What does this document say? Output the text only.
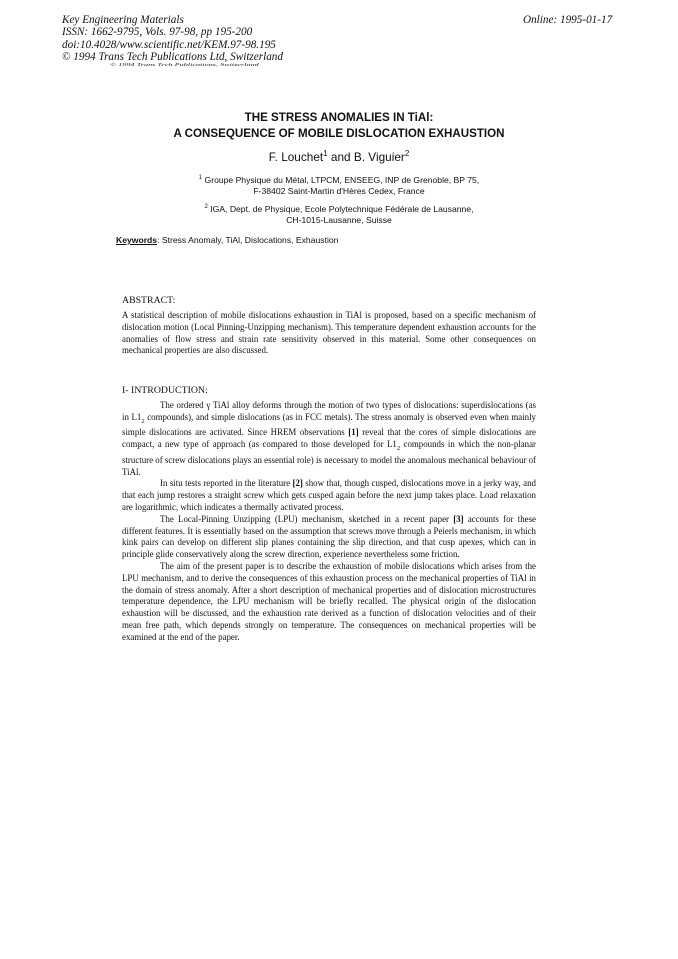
Key Engineering Materials
ISSN: 1662-9795, Vols. 97-98, pp 195-200
doi:10.4028/www.scientific.net/KEM.97-98.195
© 1994 Trans Tech Publications Ltd, Switzerland
Online: 1995-01-17
© 1994 Trans Tech Publications, Switzerland
THE STRESS ANOMALIES IN TiAl:
A CONSEQUENCE OF MOBILE DISLOCATION EXHAUSTION
F. Louchet$^1$ and B. Viguier$^2$
$^1$ Groupe Physique du Métal, LTPCM, ENSEEG, INP de Grenoble, BP 75,
F-38402 Saint-Martin d'Hères Cedex, France
$^2$ IGA, Dept. de Physique, Ecole Polytechnique Fédérale de Lausanne,
CH-1015-Lausanne, Suisse
Keywords: Stress Anomaly, TiAl, Dislocations, Exhaustion
ABSTRACT:

A statistical description of mobile dislocations exhaustion in TiAl is proposed, based on a specific mechanism of dislocation motion (Local Pinning-Unzipping mechanism). This temperature dependent exhaustion accounts for the anomalies of flow stress and strain rate sensitivity observed in this material. Some other consequences on mechanical properties are also discussed.

I- INTRODUCTION:

The ordered γ TiAl alloy deforms through the motion of two types of dislocations: superdislocations (as in $L1_2$ compounds), and simple dislocations (as in FCC metals). The stress anomaly is observed even when mainly simple dislocations are activated. Since HREM observations [1] reveal that the cores of simple dislocations are compact, a new type of approach (as compared to those developed for $L1_2$ compounds in which the non-planar structure of screw dislocations plays an essential role) is necessary to model the anomalous mechanical behaviour of TiAl.

In situ tests reported in the literature [2] show that, though cusped, dislocations move in a jerky way, and that each jump restores a straight screw which gets cusped again before the next jump takes place. Load relaxation are logarithmic, which indicates a thermally activated process.

The Local-Pinning Unzipping (LPU) mechanism, sketched in a recent paper [3] accounts for these different features. It is essentially based on the assumption that screws move through a Peierls mechanism, in which kink pairs can develop on different slip planes containing the slip direction, and that cusp apexes, which can in principle glide conservatively along the screw direction, experience nevertheless some friction.

The aim of the present paper is to describe the exhaustion of mobile dislocations which arises from the LPU mechanism, and to derive the consequences of this exhaustion process on the mechanical properties of TiAl in the domain of stress anomaly. After a short description of mechanical properties and of dislocation microstructures temperature dependence, the LPU mechanism will be briefly recalled. The physical origin of the dislocation exhaustion will be discussed, and the exhaustion rate derived as a function of dislocation velocities and of their mean free path, which depends strongly on temperature. The consequences on mechanical properties will be examined at the end of the paper.
